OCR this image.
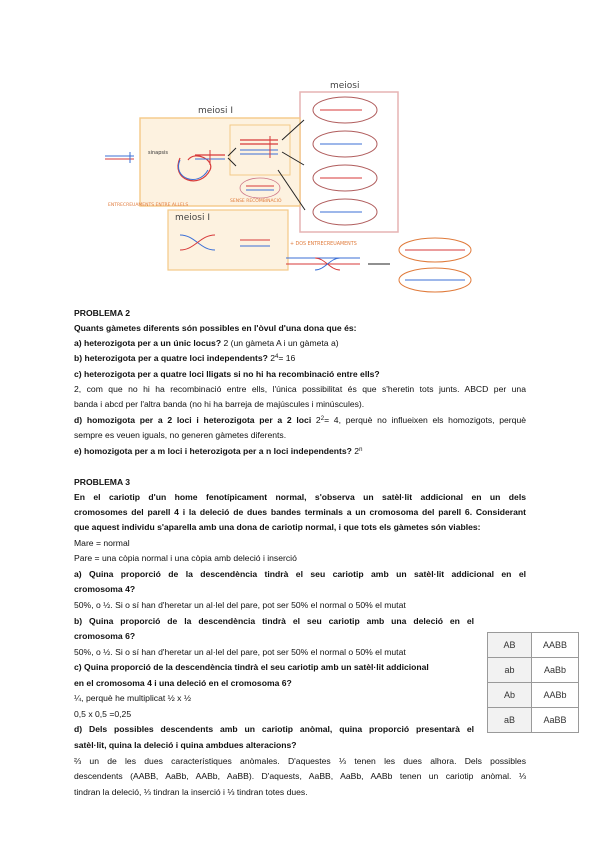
meiosi
meiosi I
sinapsis
ENTRECREUAMENTS ENTRE ALLELS
SENSE RECOMBINACIÓ
meiosi I
+ DOS ENTRECREUAMENTS
PROBLEMA 2
Quants gàmetes diferents són possibles en l'òvul d'una dona que és:
a) heterozigota per a un únic locus? 2 (un gàmeta A i un gàmeta a)
b) heterozigota per a quatre loci independents? $2^4= 16$
c) heterozigota per a quatre loci lligats si no hi ha recombinació entre ells?
2, com que no hi ha recombinació entre ells, l'única possibilitat és que s'heretin tots junts. ABCD per una
banda i abcd per l'altra banda (no hi ha barreja de majúscules i minúscules).
d) homozigota per a 2 loci i heterozigota per a 2 loci $2^2= 4$, perquè no influeixen els homozigots, perquè
sempre es veuen iguals, no generen gàmetes diferents.
e) homozigota per a m loci i heterozigota per a n loci independents? 2$^n$
PROBLEMA 3
En el cariotip d'un home fenotípicament normal, s'observa un satèl·lit addicional en un dels
cromosomes del parell 4 i la deleció de dues bandes terminals a un cromosoma del parell 6. Considerant
que aquest individu s'aparella amb una dona de cariotip normal, i que tots els gàmetes són viables:
Mare = normal
Pare = una còpia normal i una còpia amb deleció i inserció
a) Quina proporció de la descendència tindrà el seu cariotip amb un satèl·lit addicional en el
cromosoma 4?
50%, o ½. Si o sí han d'heretar un al·lel del pare, pot ser 50% el normal o 50% el mutat
b) Quina proporció de la descendència tindrà el seu cariotip amb una deleció en el
cromosoma 6?
50%, o ½. Si o sí han d'heretar un al·lel del pare, pot ser 50% el normal o 50% el mutat
c) Quina proporció de la descendència tindrà el seu cariotip amb un satèl·lit addicional
en el cromosoma 4 i una deleció en el cromosoma 6?
¼, perquè he multiplicat ½ x ½
0,5 x 0,5 =0,25
d) Dels possibles descendents amb un cariotip anòmal, quina proporció presentarà el
satèl·lit, quina la deleció i quina ambdues alteracions?
⅔ un de les dues característiques anòmales. D'aquestes ⅓ tenen les dues alhora. Dels possibles
descendents (AABB, AaBb, AABb, AaBB). D'aquests, AaBB, AaBb, AABb tenen un cariotip anòmal. ⅓
tindran la deleció, ⅓ tindran la inserció i ⅓ tindran totes dues.
AB	AABB
ab	AaBb
Ab	AABb
aB	AaBB
